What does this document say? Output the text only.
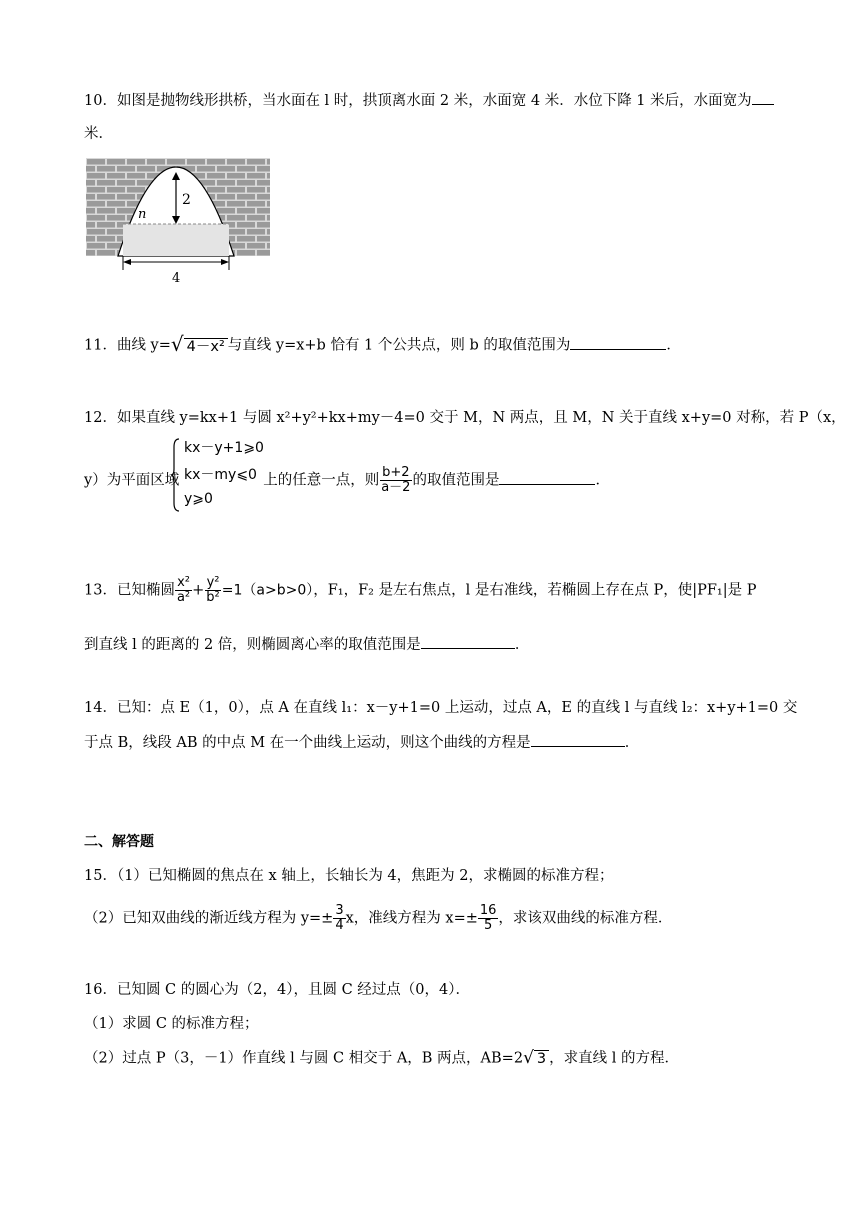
10．如图是抛物线形拱桥，当水面在 l 时，拱顶离水面 2 米，水面宽 4 米．水位下降 1 米后，水面宽为
米．
2
n
4
11．曲线 y=√ 4－x² 与直线 y=x+b 恰有 1 个公共点，则 b 的取值范围为	．
12．如果直线 y=kx+1 与圆 x²+y²+kx+my－4=0 交于 M，N 两点，且 M，N 关于直线 x+y=0 对称，若 P（x，
kx－y+1⩾0
kx－my⩽0
y⩾0
y）为平面区域	上的任意一点，则 $\frac{b+2}{a-2}$ 的取值范围是	．
13．已知椭圆 $\frac{\text{x²}}{\text{a²}} + \frac{\text{y²}}{\text{b²}} =1(a>b>0)$，F₁，F₂ 是左右焦点，l 是右准线，若椭圆上存在点 P，使|PF₁|是 P
到直线 l 的距离的 2 倍，则椭圆离心率的取值范围是	．
14．已知：点 E（1，0），点 A 在直线 l₁：x－y+1=0 上运动，过点 A，E 的直线 l 与直线 l₂：x+y+1=0 交
于点 B，线段 AB 的中点 M 在一个曲线上运动，则这个曲线的方程是	．
二、解答题
15．（1）已知椭圆的焦点在 x 轴上，长轴长为 4，焦距为 2，求椭圆的标准方程；
（2）已知双曲线的渐近线方程为 $y=\pm \frac{3}{4}$ x，准线方程为 $x=\pm \frac{16}{5}$ ，求该双曲线的标准方程．
16．已知圆 C 的圆心为（2，4），且圆 C 经过点（0，4）．
（1）求圆 C 的标准方程；
（2）过点 P（3，－1）作直线 l 与圆 C 相交于 A，B 两点，AB=2√ 3 ，求直线 l 的方程．
